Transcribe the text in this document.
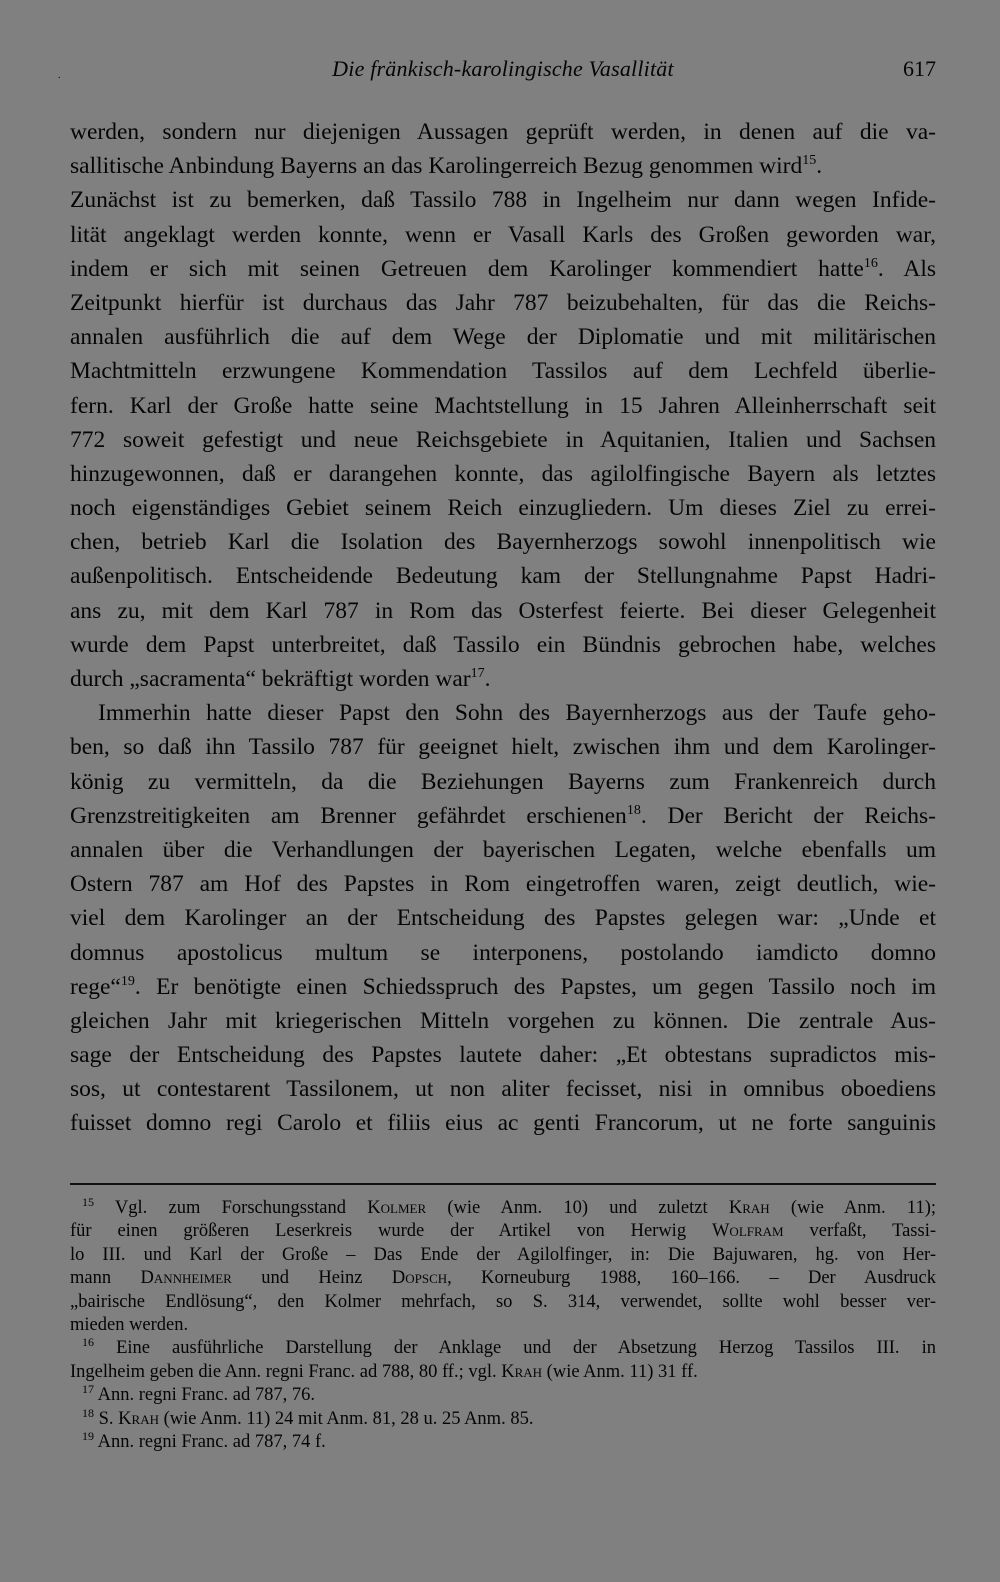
.	Die fränkisch-karolingische Vasallität	617
werden, sondern nur diejenigen Aussagen geprüft werden, in denen auf die va-
sallitische Anbindung Bayerns an das Karolingerreich Bezug genommen wird$^{15}$.
Zunächst ist zu bemerken, daß Tassilo 788 in Ingelheim nur dann wegen Infide-
lität angeklagt werden konnte, wenn er Vasall Karls des Großen geworden war,
indem er sich mit seinen Getreuen dem Karolinger kommendiert hatte$^{16}$. Als
Zeitpunkt hierfür ist durchaus das Jahr 787 beizubehalten, für das die Reichs-
annalen ausführlich die auf dem Wege der Diplomatie und mit militärischen
Machtmitteln erzwungene Kommendation Tassilos auf dem Lechfeld überlie-
fern. Karl der Große hatte seine Machtstellung in 15 Jahren Alleinherrschaft seit
772 soweit gefestigt und neue Reichsgebiete in Aquitanien, Italien und Sachsen
hinzugewonnen, daß er darangehen konnte, das agilolfingische Bayern als letztes
noch eigenständiges Gebiet seinem Reich einzugliedern. Um dieses Ziel zu errei-
chen, betrieb Karl die Isolation des Bayernherzogs sowohl innenpolitisch wie
außenpolitisch. Entscheidende Bedeutung kam der Stellungnahme Papst Hadri-
ans zu, mit dem Karl 787 in Rom das Osterfest feierte. Bei dieser Gelegenheit
wurde dem Papst unterbreitet, daß Tassilo ein Bündnis gebrochen habe, welches
durch „sacramenta“ bekräftigt worden war$^{17}$.
Immerhin hatte dieser Papst den Sohn des Bayernherzogs aus der Taufe geho-
ben, so daß ihn Tassilo 787 für geeignet hielt, zwischen ihm und dem Karolinger-
könig zu vermitteln, da die Beziehungen Bayerns zum Frankenreich durch
Grenzstreitigkeiten am Brenner gefährdet erschienen$^{18}$. Der Bericht der Reichs-
annalen über die Verhandlungen der bayerischen Legaten, welche ebenfalls um
Ostern 787 am Hof des Papstes in Rom eingetroffen waren, zeigt deutlich, wie-
viel dem Karolinger an der Entscheidung des Papstes gelegen war: „Unde et
domnus apostolicus multum se interponens, postolando iamdicto domno
rege“$^{19}$. Er benötigte einen Schiedsspruch des Papstes, um gegen Tassilo noch im
gleichen Jahr mit kriegerischen Mitteln vorgehen zu können. Die zentrale Aus-
sage der Entscheidung des Papstes lautete daher: „Et obtestans supradictos mis-
sos, ut contestarent Tassilonem, ut non aliter fecisset, nisi in omnibus oboediens
fuisset domno regi Carolo et filiis eius ac genti Francorum, ut ne forte sanguinis
$^{15}$ Vgl. zum Forschungsstand Kolmer (wie Anm. 10) und zuletzt Krah (wie Anm. 11);
für einen größeren Leserkreis wurde der Artikel von Herwig Wolfram verfaßt, Tassi-
lo III. und Karl der Große – Das Ende der Agilolfinger, in: Die Bajuwaren, hg. von Her-
mann Dannheimer und Heinz Dopsch, Korneuburg 1988, 160–166. – Der Ausdruck
„bairische Endlösung“, den Kolmer mehrfach, so S. 314, verwendet, sollte wohl besser ver-
mieden werden.
$^{16}$ Eine ausführliche Darstellung der Anklage und der Absetzung Herzog Tassilos III. in
Ingelheim geben die Ann. regni Franc. ad 788, 80 ff.; vgl. Krah (wie Anm. 11) 31 ff.
$^{17}$ Ann. regni Franc. ad 787, 76.
$^{18}$ S. Krah (wie Anm. 11) 24 mit Anm. 81, 28 u. 25 Anm. 85.
$^{19}$ Ann. regni Franc. ad 787, 74 f.
